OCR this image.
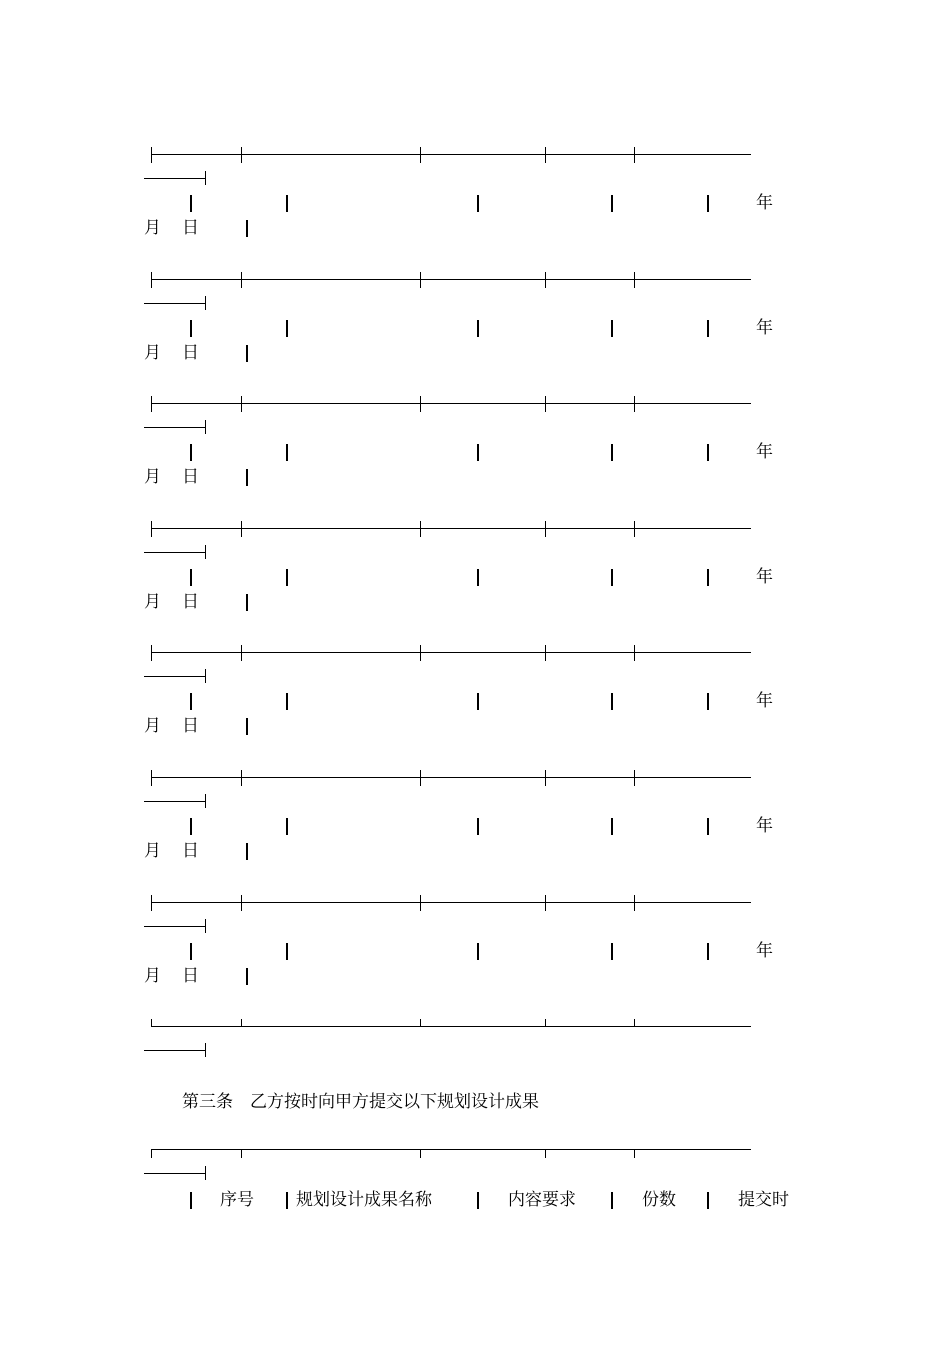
年
月 日
年
月 日
年
月 日
年
月 日
年
月 日
年
月 日
年
月 日
第三条　乙方按时向甲方提交以下规划设计成果
序号 规划设计成果名称	内容要求	份数	提交时
